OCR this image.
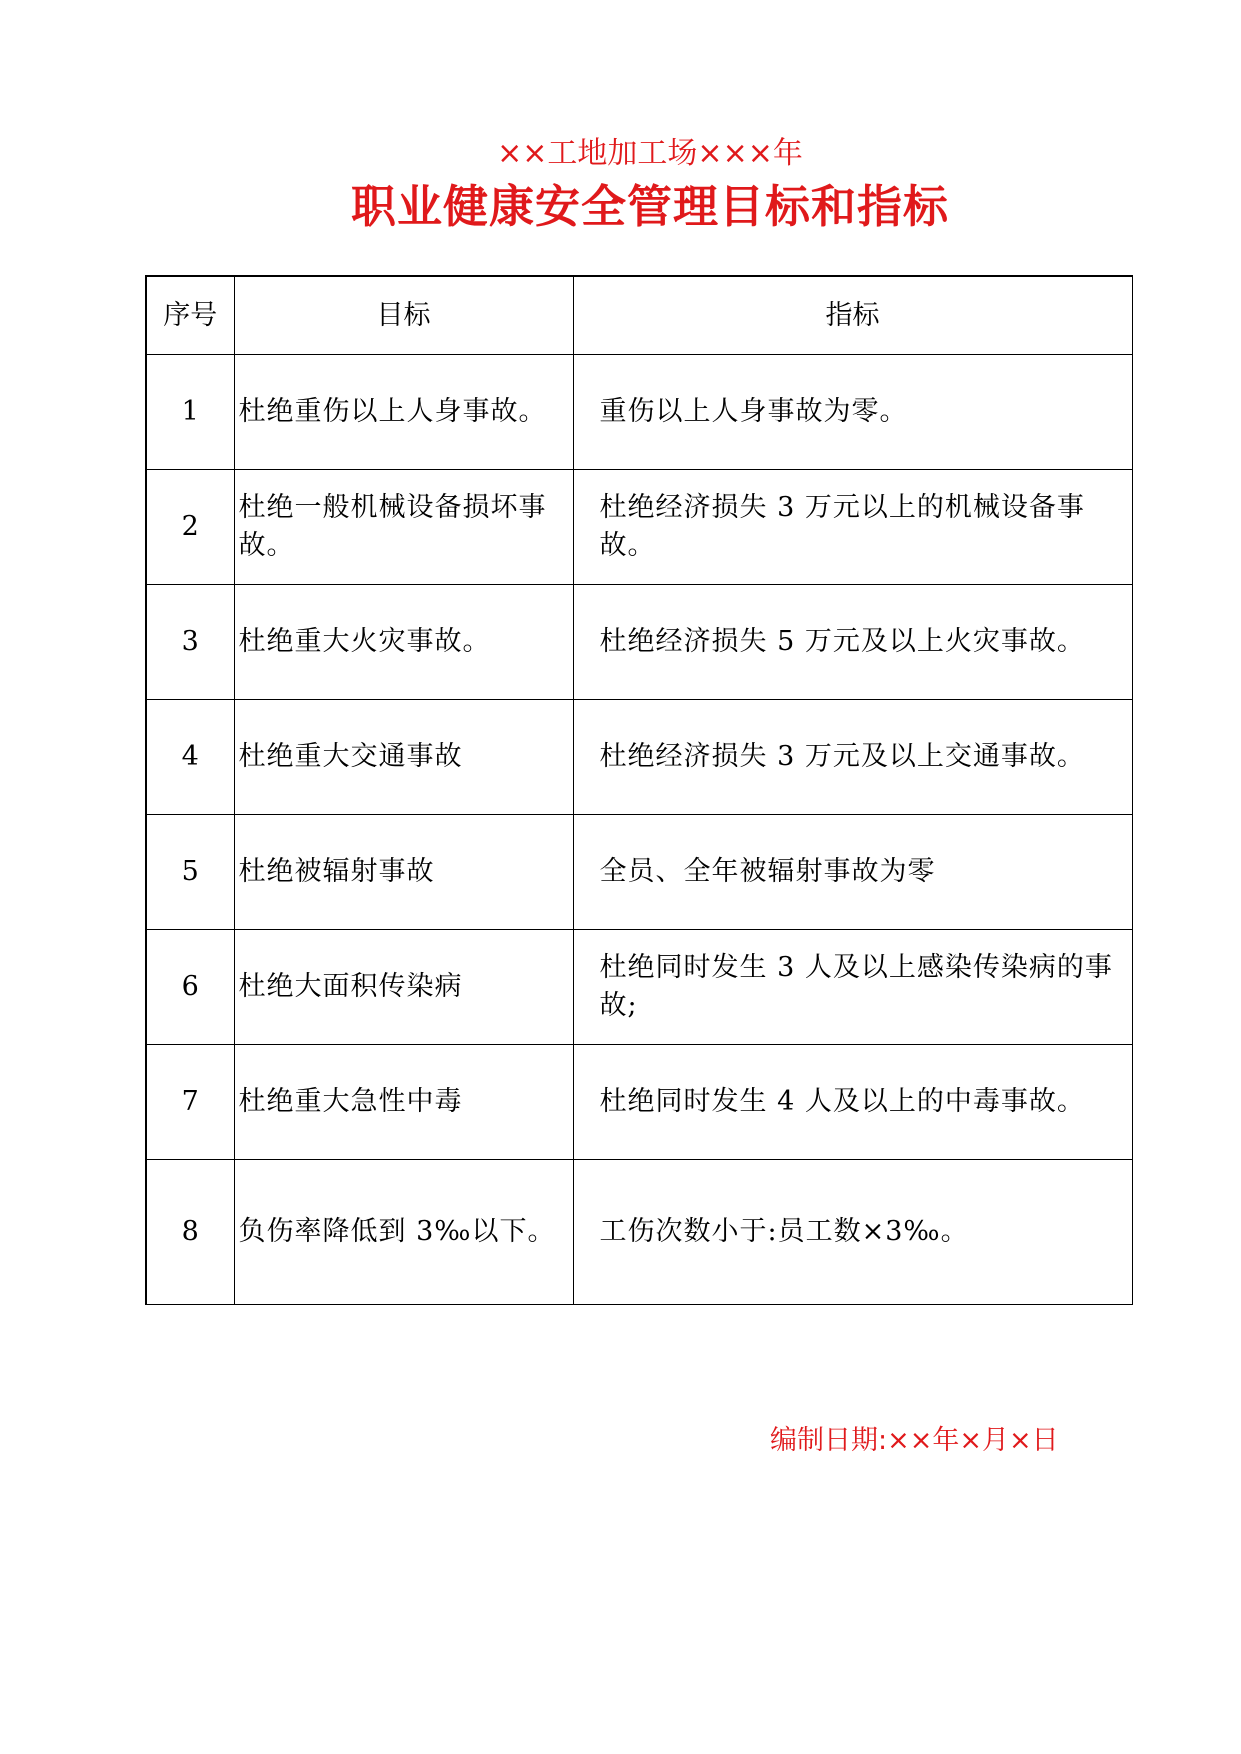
××工地加工场×××年
职业健康安全管理目标和指标
序号	目标	指标
1	杜绝重伤以上人身事故。	重伤以上人身事故为零。
2	杜绝一般机械设备损坏事故。	杜绝经济损失 3 万元以上的机械设备事故。
3	杜绝重大火灾事故。	杜绝经济损失 5 万元及以上火灾事故。
4	杜绝重大交通事故	杜绝经济损失 3 万元及以上交通事故。
5	杜绝被辐射事故	全员、全年被辐射事故为零
6	杜绝大面积传染病	杜绝同时发生 3 人及以上感染传染病的事故;
7	杜绝重大急性中毒	杜绝同时发生 4 人及以上的中毒事故。
8	负伤率降低到 3‰以下。	工伤次数小于:员工数×3‰。
编制日期:××年×月×日
